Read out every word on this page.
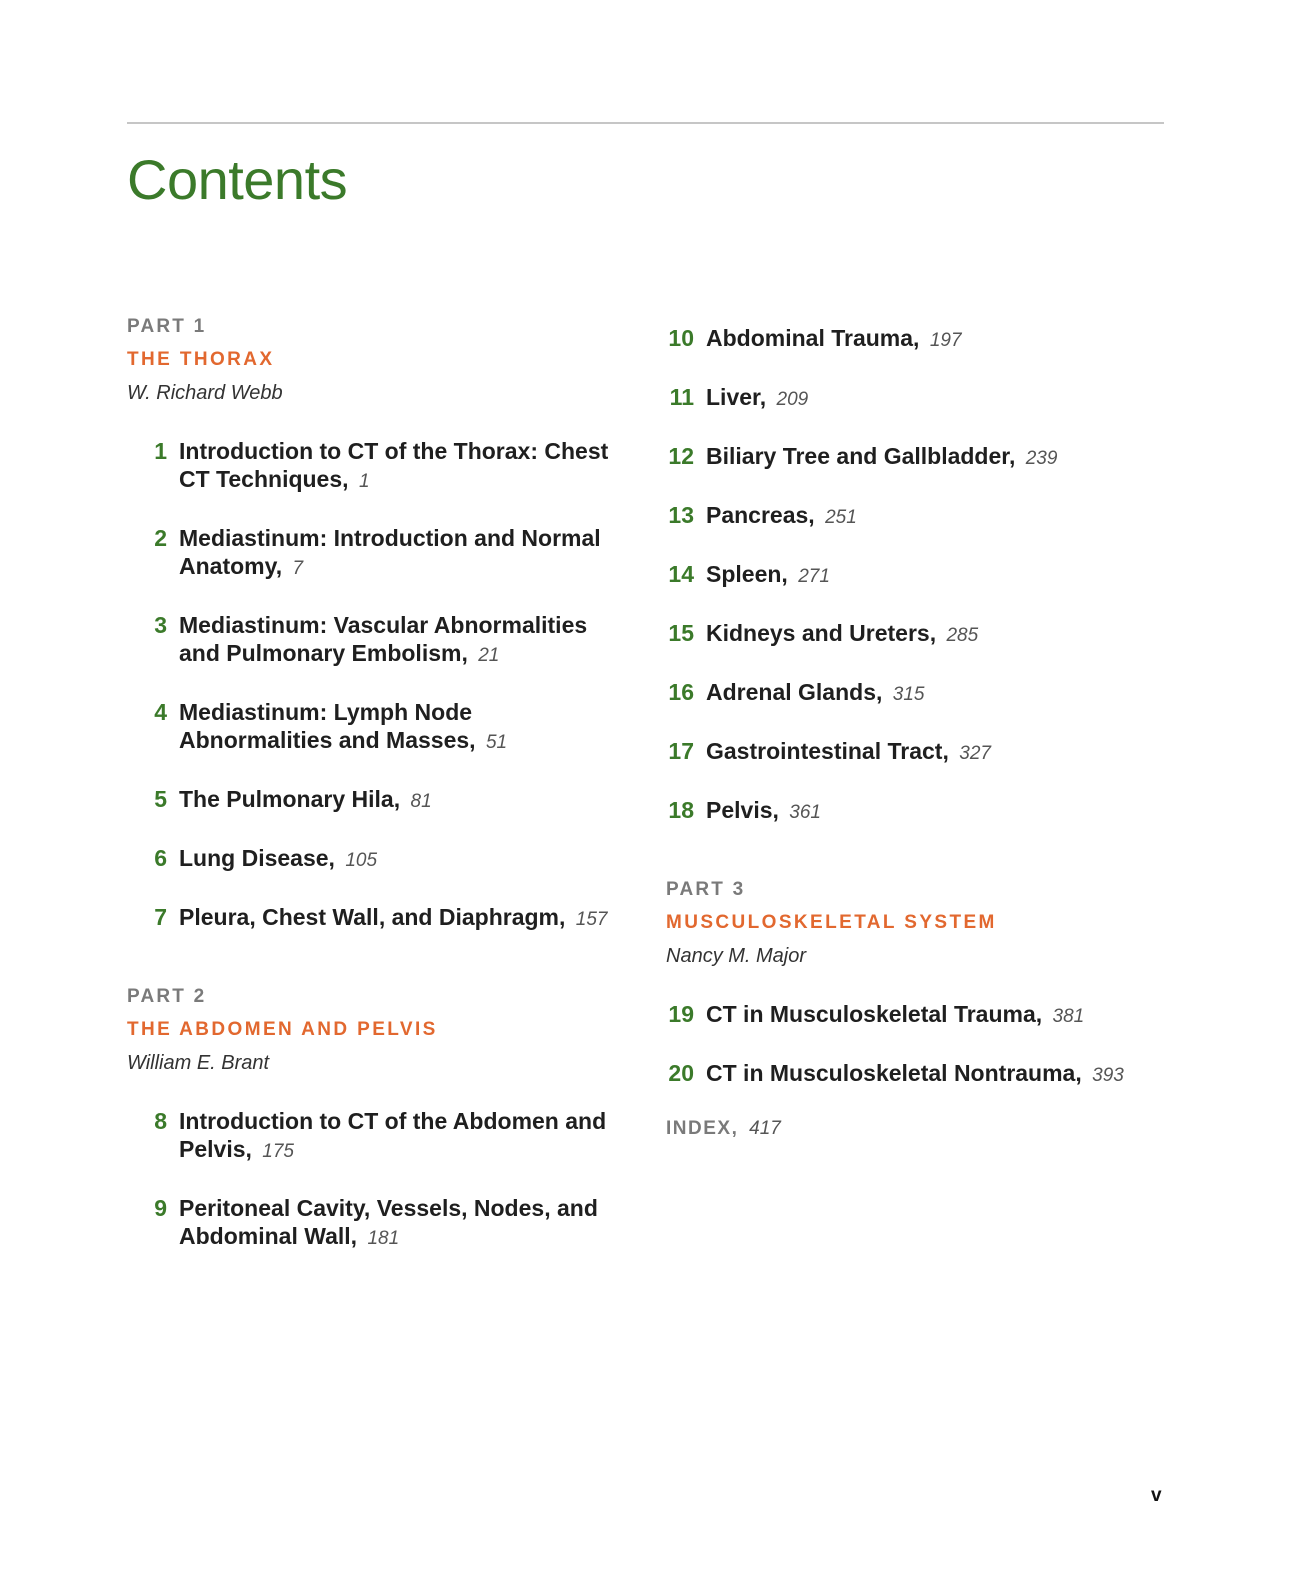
Contents
PART 1
THE THORAX
W. Richard Webb
1 Introduction to CT of the Thorax: Chest CT Techniques, 1
2 Mediastinum: Introduction and Normal Anatomy, 7
3 Mediastinum: Vascular Abnormalities and Pulmonary Embolism, 21
4 Mediastinum: Lymph Node Abnormalities and Masses, 51
5 The Pulmonary Hila, 81
6 Lung Disease, 105
7 Pleura, Chest Wall, and Diaphragm, 157
PART 2
THE ABDOMEN AND PELVIS
William E. Brant
8 Introduction to CT of the Abdomen and Pelvis, 175
9 Peritoneal Cavity, Vessels, Nodes, and Abdominal Wall, 181
10 Abdominal Trauma, 197
11 Liver, 209
12 Biliary Tree and Gallbladder, 239
13 Pancreas, 251
14 Spleen, 271
15 Kidneys and Ureters, 285
16 Adrenal Glands, 315
17 Gastrointestinal Tract, 327
18 Pelvis, 361
PART 3
MUSCULOSKELETAL SYSTEM
Nancy M. Major
19 CT in Musculoskeletal Trauma, 381
20 CT in Musculoskeletal Nontrauma, 393
INDEX, 417
v
